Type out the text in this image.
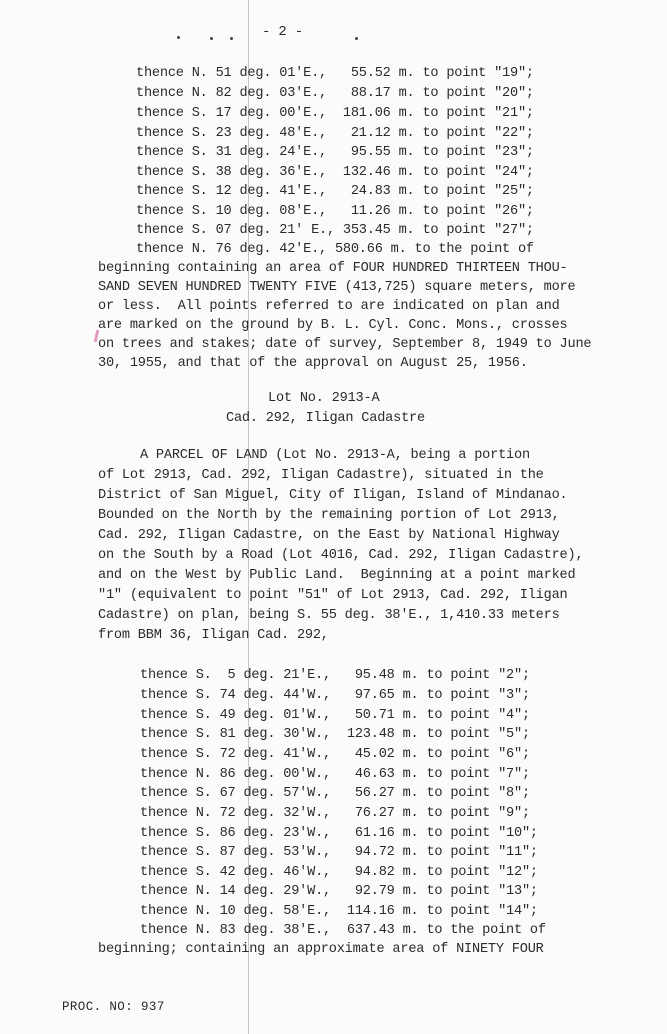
- 2 -
thence N. 51 deg. 01'E.,   55.52 m. to point "19";
thence N. 82 deg. 03'E.,   88.17 m. to point "20";
thence S. 17 deg. 00'E.,  181.06 m. to point "21";
thence S. 23 deg. 48'E.,   21.12 m. to point "22";
thence S. 31 deg. 24'E.,   95.55 m. to point "23";
thence S. 38 deg. 36'E.,  132.46 m. to point "24";
thence S. 12 deg. 41'E.,   24.83 m. to point "25";
thence S. 10 deg. 08'E.,   11.26 m. to point "26";
thence S. 07 deg. 21' E., 353.45 m. to point "27";
thence N. 76 deg. 42'E., 580.66 m. to the point of
beginning containing an area of FOUR HUNDRED THIRTEEN THOU-
SAND SEVEN HUNDRED TWENTY FIVE (413,725) square meters, more
or less.  All points referred to are indicated on plan and
are marked on the ground by B. L. Cyl. Conc. Mons., crosses
on trees and stakes; date of survey, September 8, 1949 to June
30, 1955, and that of the approval on August 25, 1956.
Lot No. 2913-A
Cad. 292, Iligan Cadastre
A PARCEL OF LAND (Lot No. 2913-A, being a portion
of Lot 2913, Cad. 292, Iligan Cadastre), situated in the
District of San Miguel, City of Iligan, Island of Mindanao.
Bounded on the North by the remaining portion of Lot 2913,
Cad. 292, Iligan Cadastre, on the East by National Highway
on the South by a Road (Lot 4016, Cad. 292, Iligan Cadastre),
and on the West by Public Land.  Beginning at a point marked
"1" (equivalent to point "51" of Lot 2913, Cad. 292, Iligan
Cadastre) on plan, being S. 55 deg. 38'E., 1,410.33 meters
from BBM 36, Iligan Cad. 292,
thence S.  5 deg. 21'E.,   95.48 m. to point "2";
thence S. 74 deg. 44'W.,   97.65 m. to point "3";
thence S. 49 deg. 01'W.,   50.71 m. to point "4";
thence S. 81 deg. 30'W.,  123.48 m. to point "5";
thence S. 72 deg. 41'W.,   45.02 m. to point "6";
thence N. 86 deg. 00'W.,   46.63 m. to point "7";
thence S. 67 deg. 57'W.,   56.27 m. to point "8";
thence N. 72 deg. 32'W.,   76.27 m. to point "9";
thence S. 86 deg. 23'W.,   61.16 m. to point "10";
thence S. 87 deg. 53'W.,   94.72 m. to point "11";
thence S. 42 deg. 46'W.,   94.82 m. to point "12";
thence N. 14 deg. 29'W.,   92.79 m. to point "13";
thence N. 10 deg. 58'E.,  114.16 m. to point "14";
thence N. 83 deg. 38'E.,  637.43 m. to the point of
beginning; containing an approximate area of NINETY FOUR
PROC. NO: 937
